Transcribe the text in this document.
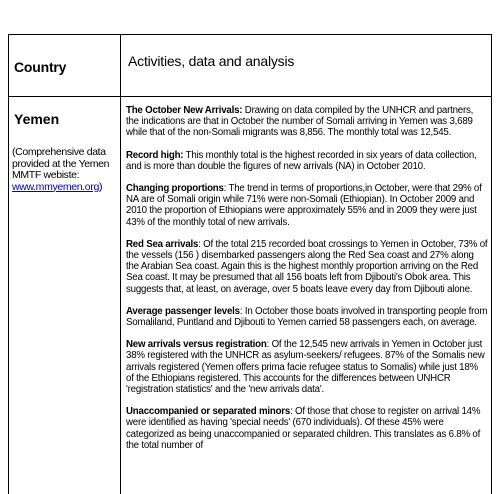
Country	Activities, data and analysis
Yemen
(Comprehensive data provided at the Yemen MMTF webiste:
www.mmyemen.org)

The October New Arrivals: Drawing on data compiled by the UNHCR and partners, the indications are that in October the number of Somali arriving in Yemen was 3,689 while that of the non-Somali migrants was 8,856. The monthly total was 12,545.

Record high: This monthly total is the highest recorded in six years of data collection, and is more than double the figures of new arrivals (NA) in October 2010.

Changing proportions: The trend in terms of proportions,in October, were that 29% of NA are of Somali origin while 71% were non-Somali (Ethiopian). In October 2009 and 2010 the proportion of Ethiopians were approximately 55% and in 2009 they were just 43% of the monthly total of new arrivals.

Red Sea arrivals: Of the total 215 recorded boat crossings to Yemen in October, 73% of the vessels (156 ) disembarked passengers along the Red Sea coast and 27% along the Arabian Sea coast. Again this is the highest monthly proportion arriving on the Red Sea coast. It may be presumed that all 156 boats left from Djibouti's Obok area. This suggests that, at least, on average, over 5 boats leave every day from Djibouti alone.

Average passenger levels: In October those boats involved in transporting people from Somaliland, Puntland and Djibouti to Yemen carried 58 passengers each, on average.

New arrivals versus registration: Of the 12,545 new arrivals in Yemen in October just 38% registered with the UNHCR as asylum-seekers/ refugees. 87% of the Somalis new arrivals registered (Yemen offers prima facie refugee status to Somalis) while just 18% of the Ethiopians registered. This accounts for the differences between UNHCR 'registration statistics' and the 'new arrivals data'.

Unaccompanied or separated minors: Of those that chose to register on arrival 14% were identified as having 'special needs' (670 individuals). Of these 45% were categorized as being unaccompanied or separated children. This translates as 6.8% of the total number of
